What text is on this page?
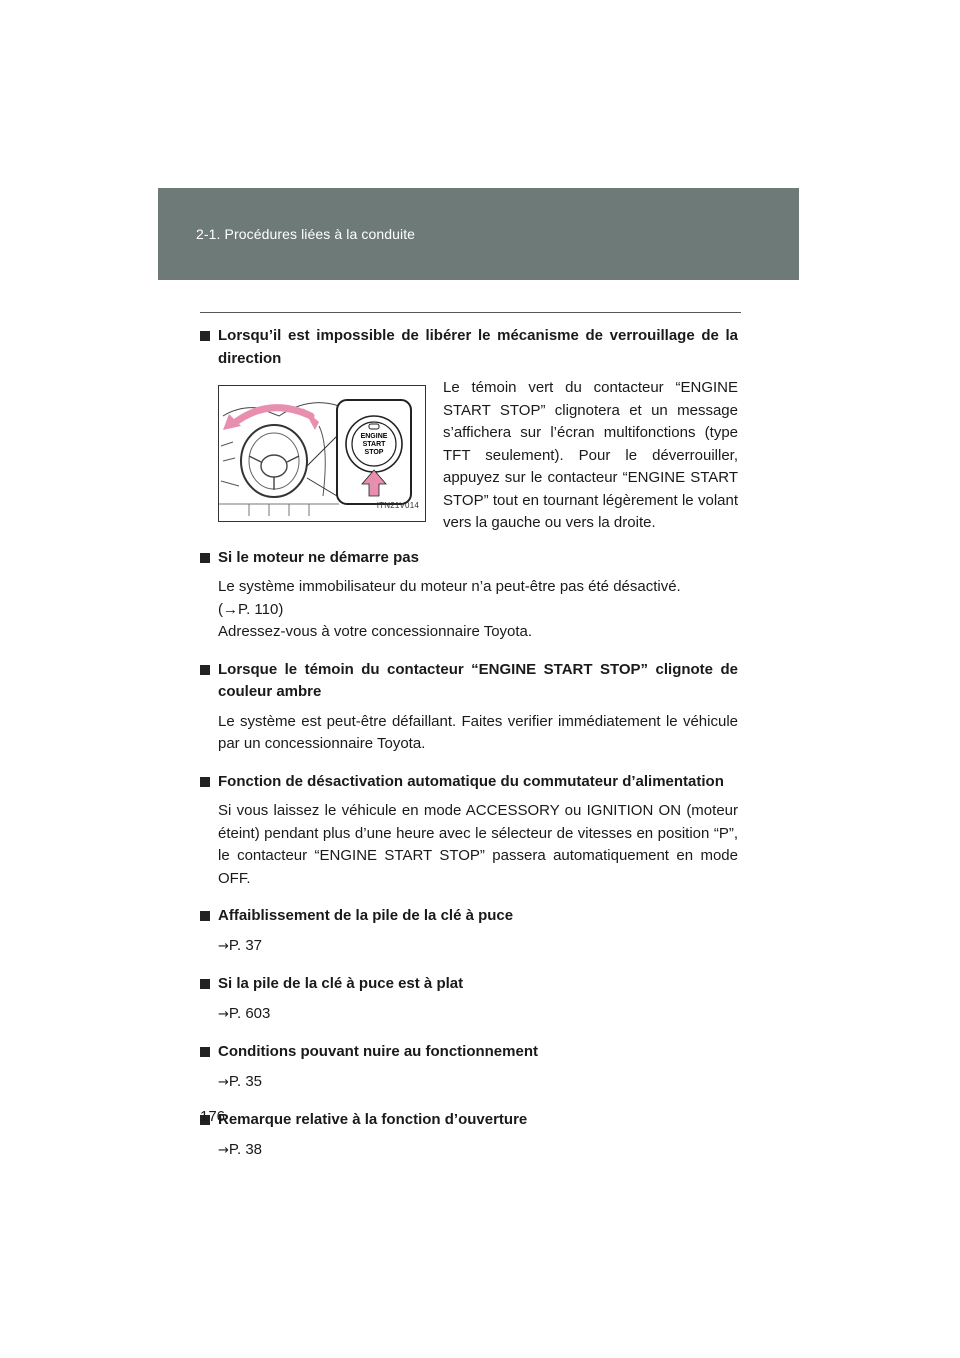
2-1. Procédures liées à la conduite
Lorsqu’il est impossible de libérer le mécanisme de verrouillage de la direction
ENGINE
START
STOP
ITN21V014
Le témoin vert du contacteur “ENGINE START STOP” clignotera et un message s’affichera sur l’écran multifonctions (type TFT seulement). Pour le déverrouiller, appuyez sur le contacteur “ENGINE START STOP” tout en tournant légèrement le volant vers la gauche ou vers la droite.
Si le moteur ne démarre pas
Le système immobilisateur du moteur n’a peut-être pas été désactivé.
(→P. 110)
Adressez-vous à votre concessionnaire Toyota.
Lorsque le témoin du contacteur “ENGINE START STOP” clignote de couleur ambre
Le système est peut-être défaillant. Faites verifier immédiatement le véhicule par un concessionnaire Toyota.
Fonction de désactivation automatique du commutateur d’alimentation
Si vous laissez le véhicule en mode ACCESSORY ou IGNITION ON (moteur éteint) pendant plus d’une heure avec le sélecteur de vitesses en position “P”, le contacteur “ENGINE START STOP” passera automatiquement en mode OFF.
Affaiblissement de la pile de la clé à puce
→P. 37
Si la pile de la clé à puce est à plat
→P. 603
Conditions pouvant nuire au fonctionnement
→P. 35
Remarque relative à la fonction d’ouverture
→P. 38
176
